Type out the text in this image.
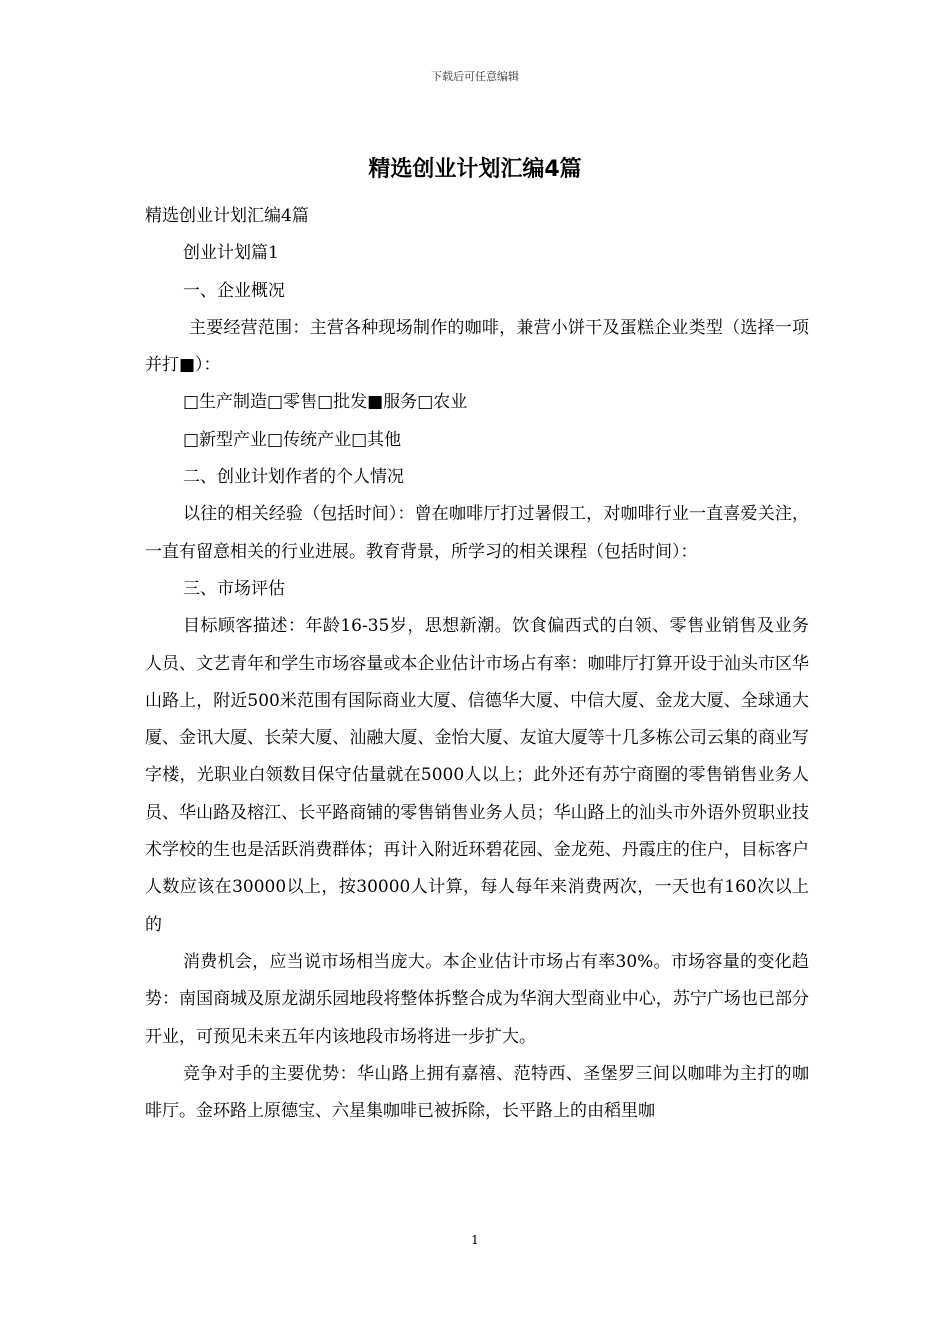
下载后可任意编辑
精选创业计划汇编4篇

精选创业计划汇编4篇

创业计划篇1

一、企业概况

主要经营范围：主营各种现场制作的咖啡，兼营小饼干及蛋糕企业类型（选择一项并打■）：

□生产制造□零售□批发■服务□农业

□新型产业□传统产业□其他

二、创业计划作者的个人情况

以往的相关经验（包括时间）：曾在咖啡厅打过暑假工，对咖啡行业一直喜爱关注，一直有留意相关的行业进展。教育背景，所学习的相关课程（包括时间）：

三、市场评估

目标顾客描述：年龄16-35岁，思想新潮。饮食偏西式的白领、零售业销售及业务人员、文艺青年和学生市场容量或本企业估计市场占有率：咖啡厅打算开设于汕头市区华山路上，附近500米范围有国际商业大厦、信德华大厦、中信大厦、金龙大厦、全球通大厦、金讯大厦、长荣大厦、汕融大厦、金怡大厦、友谊大厦等十几多栋公司云集的商业写字楼，光职业白领数目保守估量就在5000人以上；此外还有苏宁商圈的零售销售业务人员、华山路及榕江、长平路商铺的零售销售业务人员；华山路上的汕头市外语外贸职业技术学校的生也是活跃消费群体；再计入附近环碧花园、金龙苑、丹霞庄的住户，目标客户人数应该在30000以上，按30000人计算，每人每年来消费两次，一天也有160次以上的

消费机会，应当说市场相当庞大。本企业估计市场占有率30%。市场容量的变化趋势：南国商城及原龙湖乐园地段将整体拆整合成为华润大型商业中心，苏宁广场也已部分开业，可预见未来五年内该地段市场将进一步扩大。

竞争对手的主要优势：华山路上拥有嘉禧、范特西、圣堡罗三间以咖啡为主打的咖啡厅。金环路上原德宝、六星集咖啡已被拆除，长平路上的由稻里咖

1
